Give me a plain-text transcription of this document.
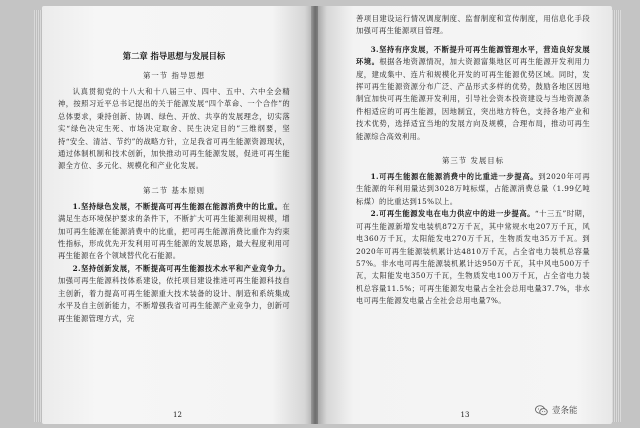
第二章 指导思想与发展目标
第一节 指导思想

认真贯彻党的十八大和十八届三中、四中、五中、六中全会精神，按照习近平总书记提出的关于能源发展“四个革命、一个合作”的总体要求，秉持创新、协调、绿色、开放、共享的发展理念，切实落实“绿色决定生死、市场决定取舍、民生决定目的”三维纲要，坚持“安全、清洁、节约”的战略方针，立足我省可再生能源资源现状，通过体制机制和技术创新，加快推动可再生能源发展，促进可再生能源全方位、多元化、规模化和产业化发展。

第二节 基本原则

1.坚持绿色发展，不断提高可再生能源在能源消费中的比重。在满足生态环境保护要求的条件下，不断扩大可再生能源利用规模，增加可再生能源在能源消费中的比重，把可再生能源消费比重作为约束性指标，形成优先开发利用可再生能源的发展思路，最大程度利用可再生能源在各个领域替代化石能源。

2.坚持创新发展，不断提高可再生能源技术水平和产业竞争力。加强可再生能源科技体系建设，依托项目建设推进可再生能源科技自主创新，着力提高可再生能源重大技术装备的设计、制造和系统集成水平及自主创新能力，不断增强我省可再生能源产业竞争力，创新可再生能源管理方式，完

12

善项目建设运行情况调度制度、监督制度和宣传制度，用信息化手段加强可再生能源项目管理。

3.坚持有序发展，不断提升可再生能源管理水平，营造良好发展环境。根据各地资源情况，加大资源富集地区可再生能源开发利用力度，建成集中、连片和规模化开发的可再生能源优势区域。同时，发挥可再生能源资源分布广泛、产品形式多样的优势，鼓励各地区因地制宜加快可再生能源开发利用，引导社会资本投资建设与当地资源条件相适应的可再生能源，因地制宜，突出地方特色，支持各地产业和技术优势，选择适宜当地的发展方向及规模，合理布局，推动可再生能源综合高效利用。

第三节 发展目标

1.可再生能源在能源消费中的比重进一步提高。到2020年可再生能源的年利用量达到3028万吨标煤，占能源消费总量（1.99亿吨标煤）的比重达到15%以上。

2.可再生能源发电在电力供应中的进一步提高。“十三五”时期，可再生能源新增发电装机872万千瓦，其中常规水电207万千瓦，风电360万千瓦，太阳能发电270万千瓦，生物质发电35万千瓦。到2020年可再生能源装机累计达4810万千瓦，占全省电力装机总容量57%。非水电可再生能源装机累计达950万千瓦，其中风电500万千瓦，太阳能发电350万千瓦，生物质发电100万千瓦，占全省电力装机总容量11.5%；可再生能源发电量占全社会总用电量37.7%，非水电可再生能源发电量占全社会总用电量7%。

13	壹条能
